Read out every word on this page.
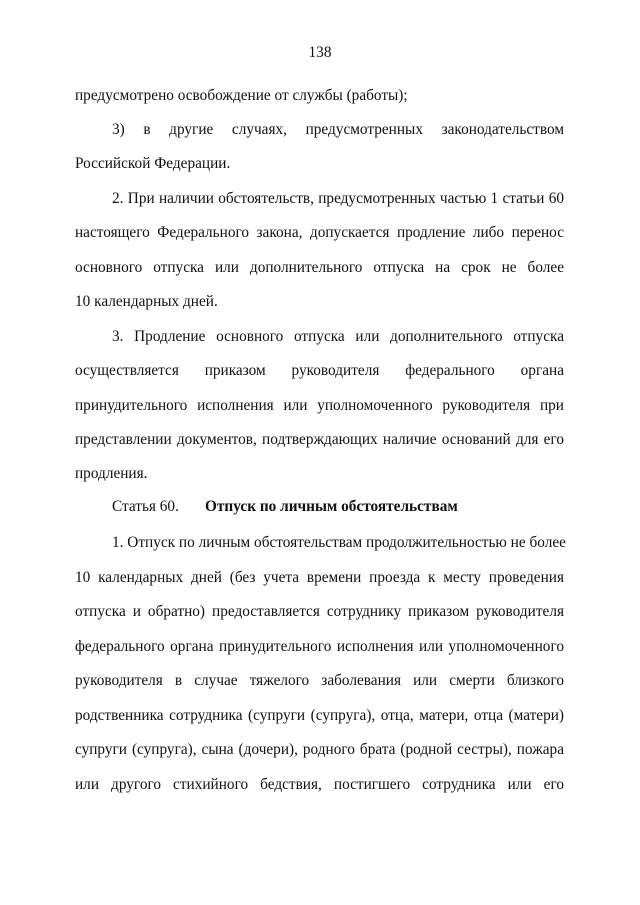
138
предусмотрено освобождение от службы (работы);
3) в другие случаях, предусмотренных законодательством
Российской Федерации.
2. При наличии обстоятельств, предусмотренных частью 1 статьи 60
настоящего Федерального закона, допускается продление либо перенос
основного отпуска или дополнительного отпуска на срок не более
10 календарных дней.
3. Продление основного отпуска или дополнительного отпуска
осуществляется приказом руководителя федерального органа
принудительного исполнения или уполномоченного руководителя при
представлении документов, подтверждающих наличие оснований для его
продления.
Статья 60. Отпуск по личным обстоятельствам
1. Отпуск по личным обстоятельствам продолжительностью не более
10 календарных дней (без учета времени проезда к месту проведения
отпуска и обратно) предоставляется сотруднику приказом руководителя
федерального органа принудительного исполнения или уполномоченного
руководителя в случае тяжелого заболевания или смерти близкого
родственника сотрудника (супруги (супруга), отца, матери, отца (матери)
супруги (супруга), сына (дочери), родного брата (родной сестры), пожара
или другого стихийного бедствия, постигшего сотрудника или его
